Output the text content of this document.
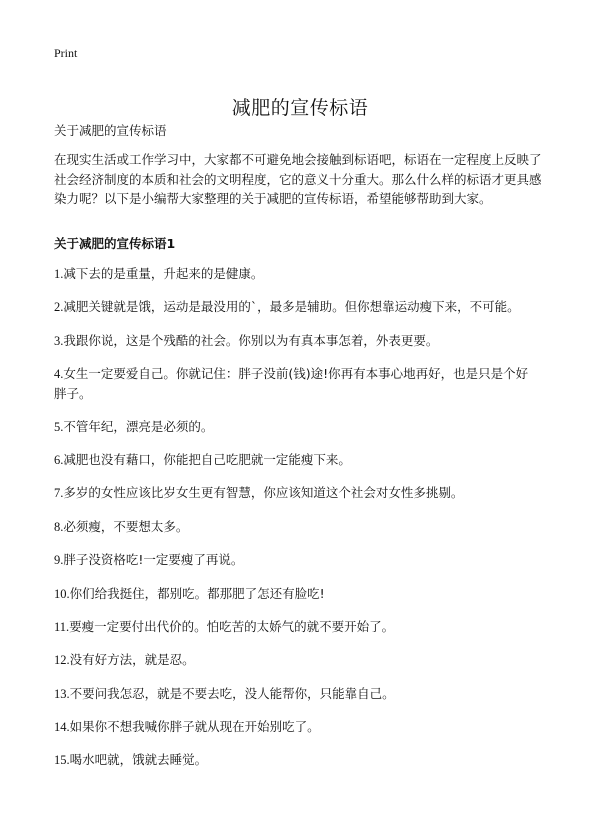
Print
减肥的宣传标语
关于减肥的宣传标语

在现实生活或工作学习中，大家都不可避免地会接触到标语吧，标语在一定程度上反映了社会经济制度的本质和社会的文明程度，它的意义十分重大。那么什么样的标语才更具感染力呢？以下是小编帮大家整理的关于减肥的宣传标语，希望能够帮助到大家。

关于减肥的宣传标语1
1.减下去的是重量，升起来的是健康。
2.减肥关键就是饿，运动是最没用的`，最多是辅助。但你想靠运动瘦下来，不可能。
3.我跟你说，这是个残酷的社会。你别以为有真本事怎着，外表更要。
4.女生一定要爱自己。你就记住：胖子没前(钱)途!你再有本事心地再好，也是只是个好胖子。
5.不管年纪，漂亮是必须的。
6.减肥也没有藉口，你能把自己吃肥就一定能瘦下来。
7.多岁的女性应该比岁女生更有智慧，你应该知道这个社会对女性多挑剔。
8.必须瘦，不要想太多。
9.胖子没资格吃!一定要瘦了再说。
10.你们给我挺住，都别吃。都那肥了怎还有脸吃!
11.要瘦一定要付出代价的。怕吃苦的太娇气的就不要开始了。
12.没有好方法，就是忍。
13.不要问我怎忍，就是不要去吃，没人能帮你，只能靠自己。
14.如果你不想我喊你胖子就从现在开始别吃了。
15.喝水吧就，饿就去睡觉。
